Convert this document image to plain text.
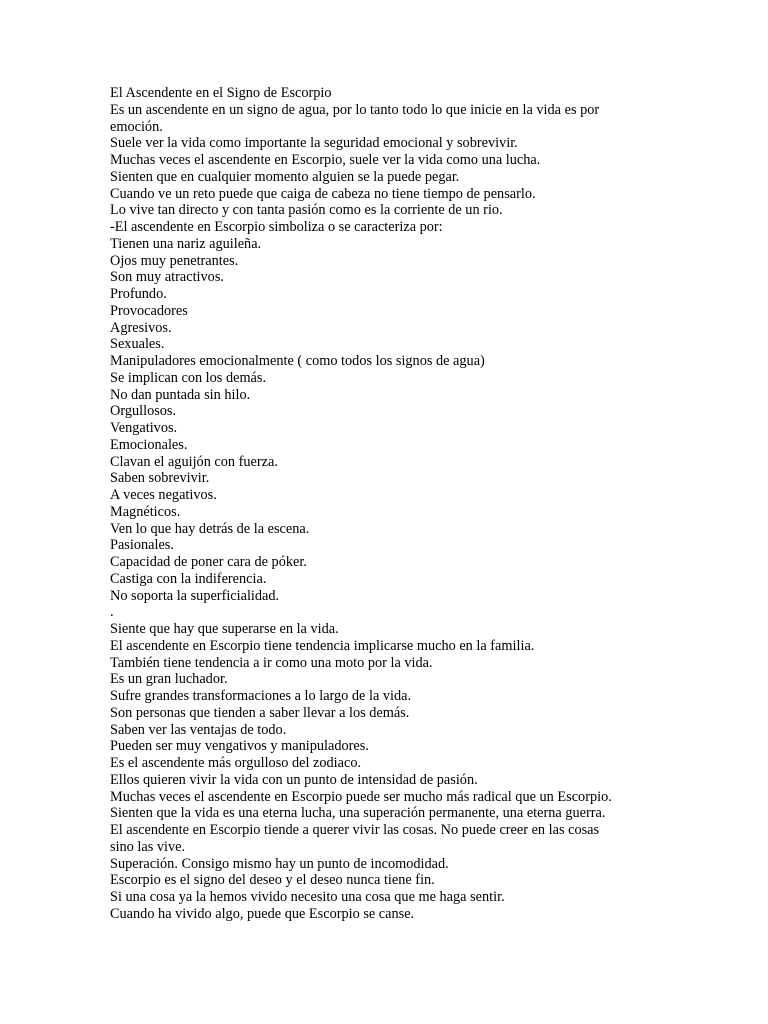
El Ascendente en el Signo de Escorpio
Es un ascendente en un signo de agua, por lo tanto todo lo que inicie en la vida es por
emoción.
Suele ver la vida como importante la seguridad emocional y sobrevivir.
Muchas veces el ascendente en Escorpio, suele ver la vida como una lucha.
Sienten que en cualquier momento alguien se la puede pegar.
Cuando ve un reto puede que caiga de cabeza no tiene tiempo de pensarlo.
Lo vive tan directo y con tanta pasión como es la corriente de un rio.
-El ascendente en Escorpio simboliza o se caracteriza por:
Tienen una nariz aguileña.
Ojos muy penetrantes.
Son muy atractivos.
Profundo.
Provocadores
Agresivos.
Sexuales.
Manipuladores emocionalmente ( como todos los signos de agua)
Se implican con los demás.
No dan puntada sin hilo.
Orgullosos.
Vengativos.
Emocionales.
Clavan el aguijón con fuerza.
Saben sobrevivir.
A veces negativos.
Magnéticos.
Ven lo que hay detrás de la escena.
Pasionales.
Capacidad de poner cara de póker.
Castiga con la indiferencia.
No soporta la superficialidad.
.
Siente que hay que superarse en la vida.
El ascendente en Escorpio tiene tendencia implicarse mucho en la familia.
También tiene tendencia a ir como una moto por la vida.
Es un gran luchador.
Sufre grandes transformaciones a lo largo de la vida.
Son personas que tienden a saber llevar a los demás.
Saben ver las ventajas de todo.
Pueden ser muy vengativos y manipuladores.
Es el ascendente más orgulloso del zodiaco.
Ellos quieren vivir la vida con un punto de intensidad de pasión.
Muchas veces el ascendente en Escorpio puede ser mucho más radical que un Escorpio.
Sienten que la vida es una eterna lucha, una superación permanente, una eterna guerra.
El ascendente en Escorpio tiende a querer vivir las cosas. No puede creer en las cosas
sino las vive.
Superación. Consigo mismo hay un punto de incomodidad.
Escorpio es el signo del deseo y el deseo nunca tiene fin.
Si una cosa ya la hemos vivido necesito una cosa que me haga sentir.
Cuando ha vivido algo, puede que Escorpio se canse.
